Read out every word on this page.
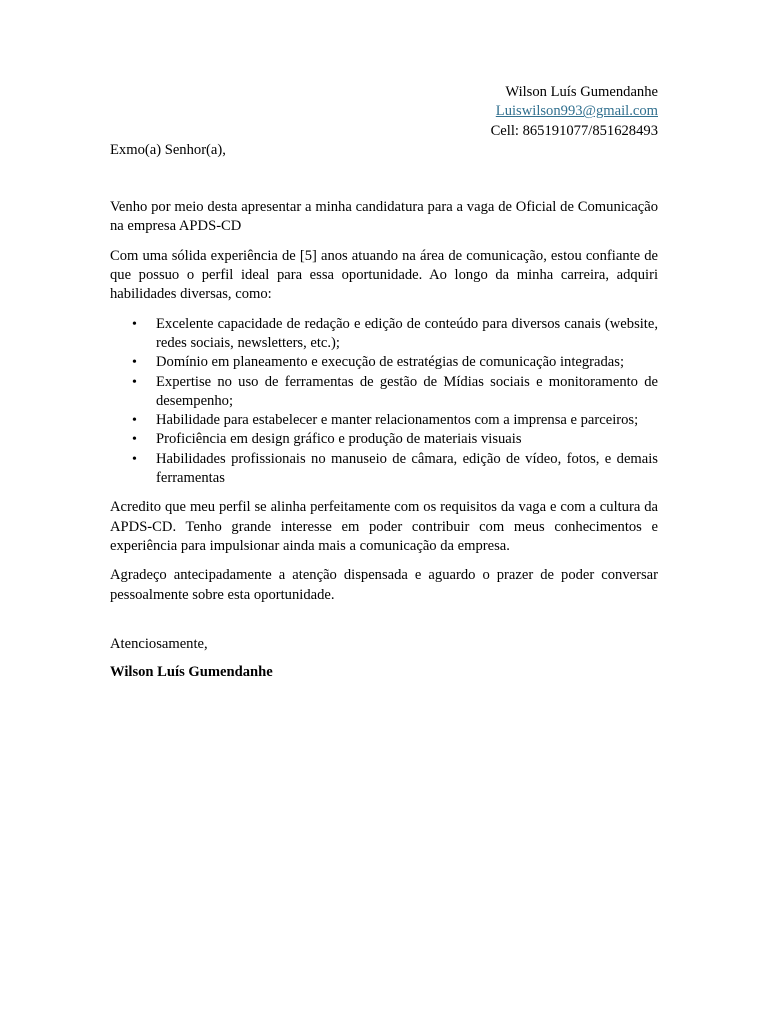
Wilson Luís Gumendanhe
Luiswilson993@gmail.com
Cell: 865191077/851628493
Exmo(a) Senhor(a),

Venho por meio desta apresentar a minha candidatura para a vaga de Oficial de Comunicação na empresa APDS-CD

Com uma sólida experiência de [5] anos atuando na área de comunicação, estou confiante de que possuo o perfil ideal para essa oportunidade. Ao longo da minha carreira, adquiri habilidades diversas, como:

• Excelente capacidade de redação e edição de conteúdo para diversos canais (website, redes sociais, newsletters, etc.);
• Domínio em planeamento e execução de estratégias de comunicação integradas;
• Expertise no uso de ferramentas de gestão de Mídias sociais e monitoramento de desempenho;
• Habilidade para estabelecer e manter relacionamentos com a imprensa e parceiros;
• Proficiência em design gráfico e produção de materiais visuais
• Habilidades profissionais no manuseio de câmara, edição de vídeo, fotos, e demais ferramentas

Acredito que meu perfil se alinha perfeitamente com os requisitos da vaga e com a cultura da APDS-CD. Tenho grande interesse em poder contribuir com meus conhecimentos e experiência para impulsionar ainda mais a comunicação da empresa.

Agradeço antecipadamente a atenção dispensada e aguardo o prazer de poder conversar pessoalmente sobre esta oportunidade.

Atenciosamente,
Wilson Luís Gumendanhe
